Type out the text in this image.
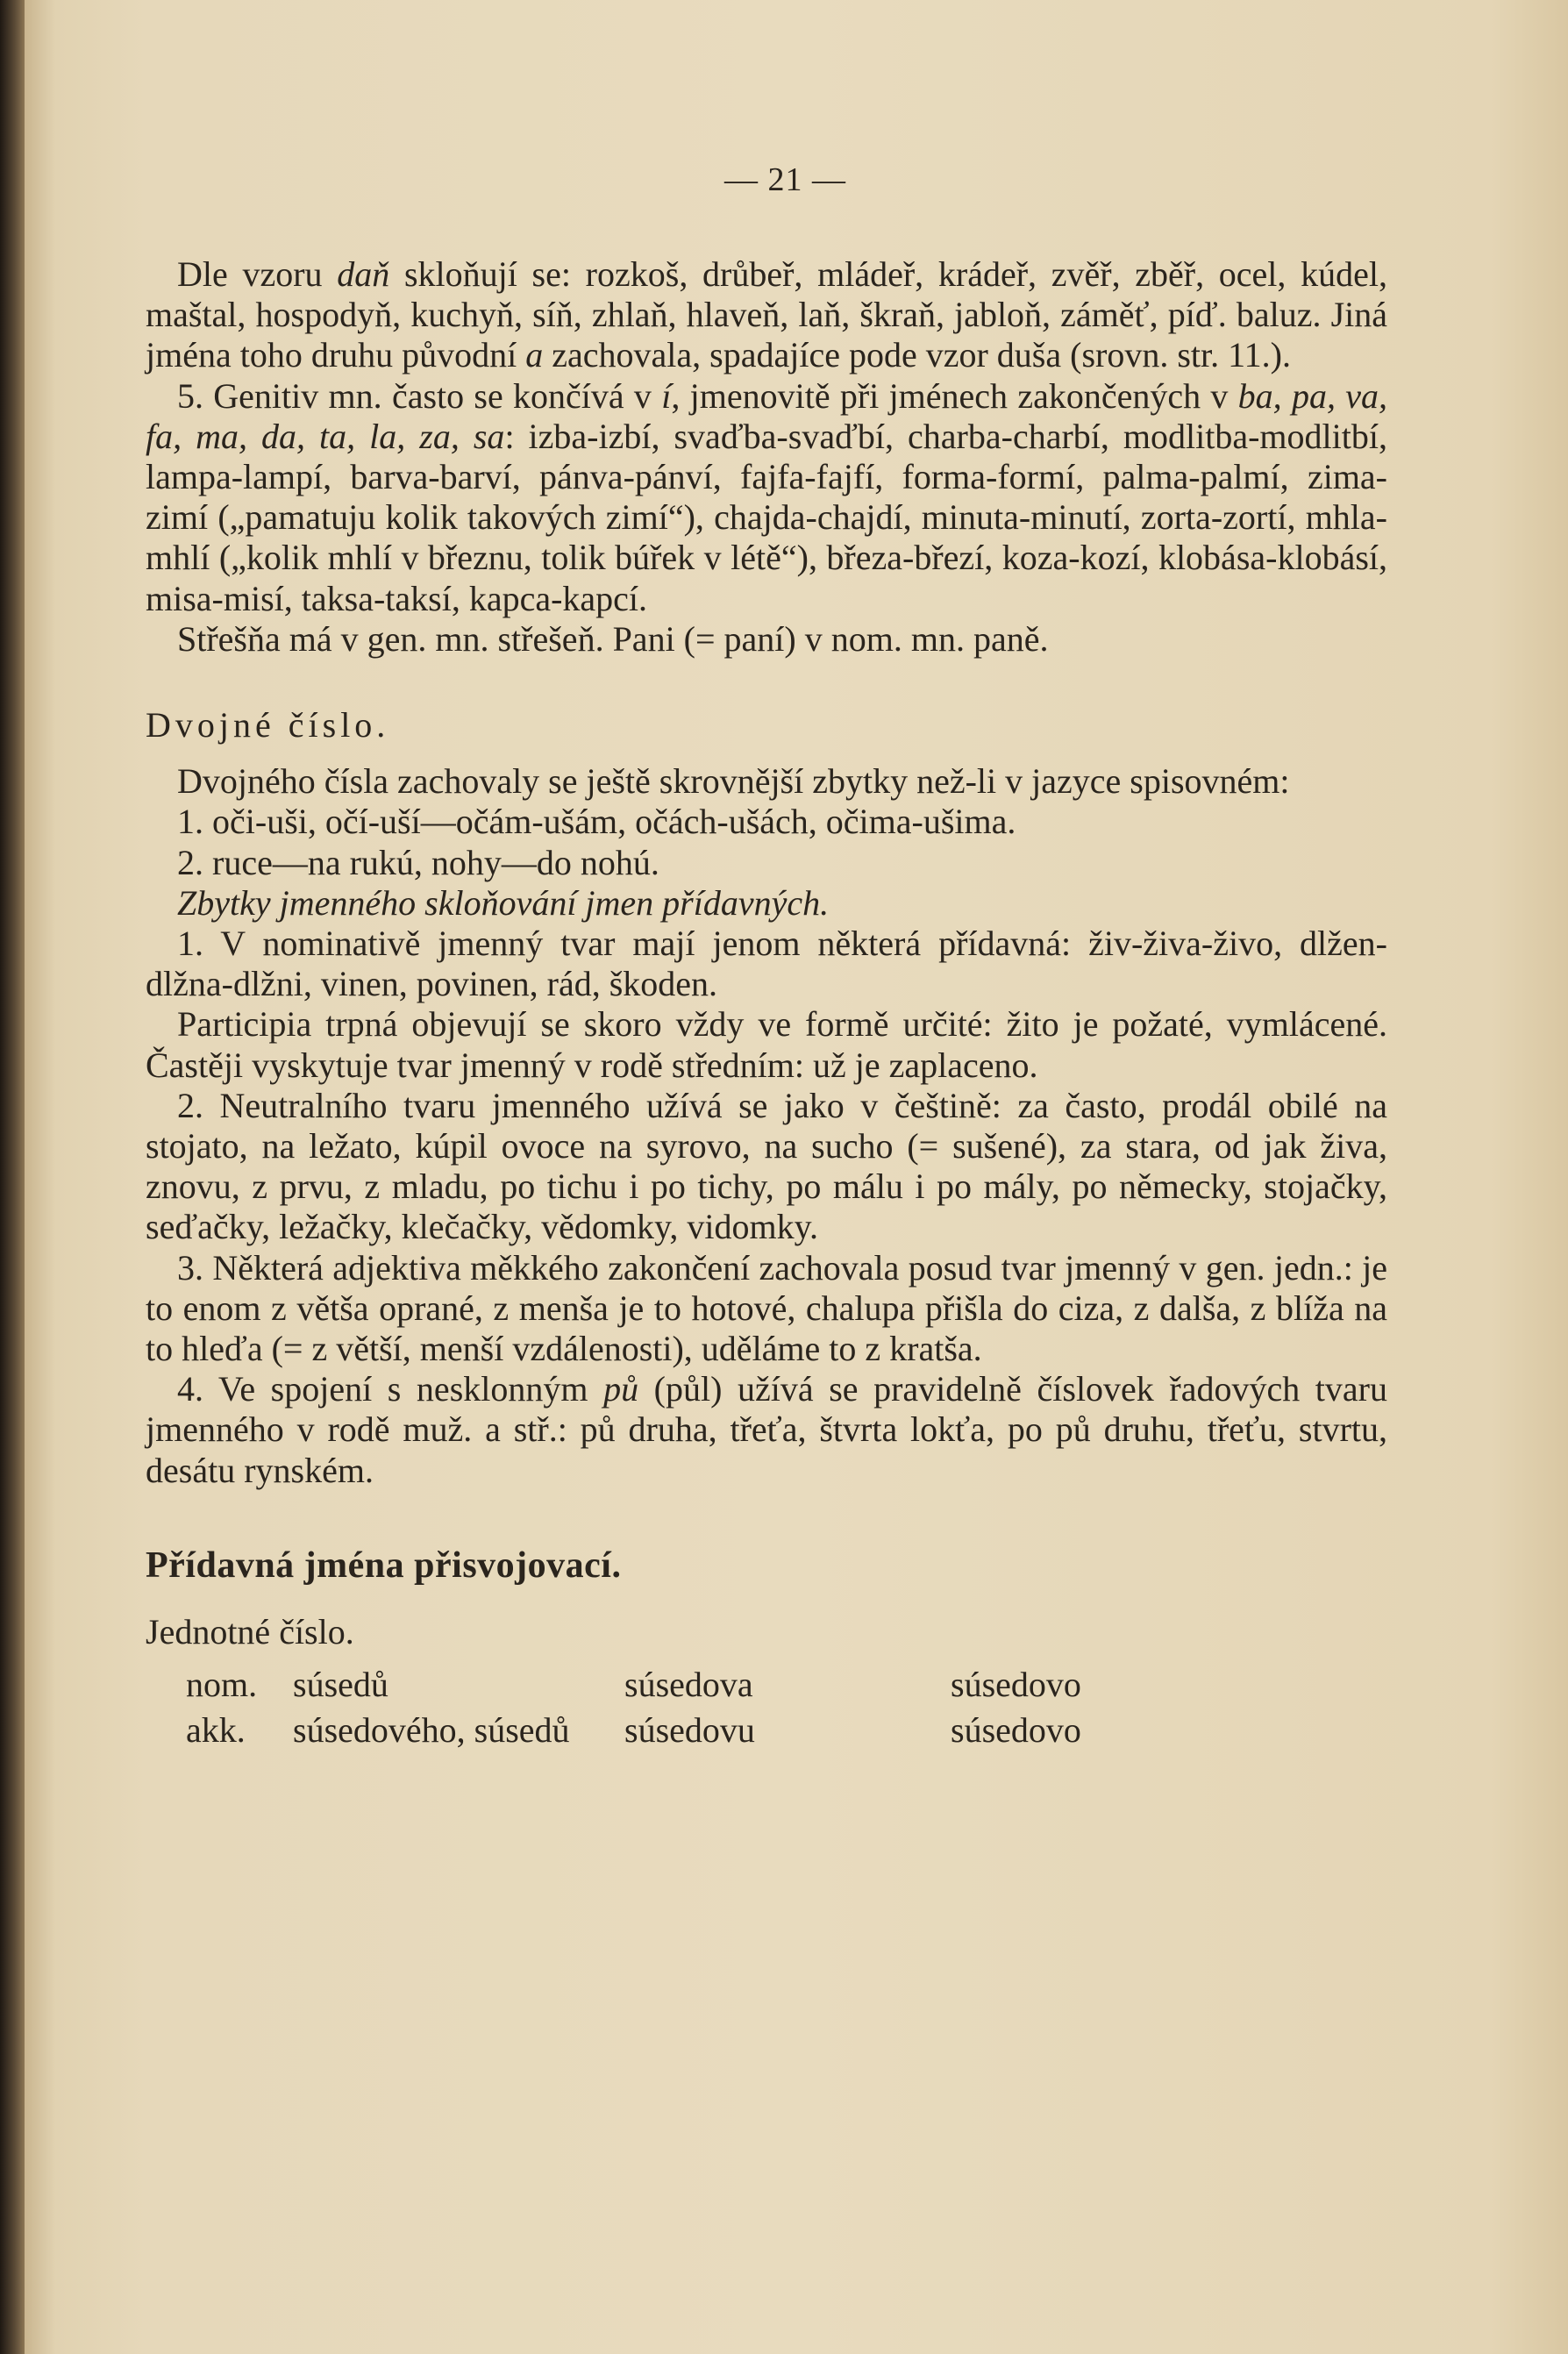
— 21 —

Dle vzoru daň skloňují se: rozkoš, drůbeř, mládeř, krádeř, zvěř, zběř, ocel, kúdel, maštal, hospodyň, kuchyň, síň, zhlaň, hlaveň, laň, škraň, jabloň, záměť, píď. baluz. Jiná jména toho druhu původní a zachovala, spadajíce pode vzor duša (srovn. str. 11.).

5. Genitiv mn. často se končívá v í, jmenovitě při jménech zakončených v ba, pa, va, fa, ma, da, ta, la, za, sa: izba-izbí, svaďba-svaďbí, charba-charbí, modlitba-modlitbí, lampa-lampí, barva-barví, pánva-pánví, fajfa-fajfí, forma-formí, palma-palmí, zima-zimí („pamatuju kolik takových zimí“), chajda-chajdí, minuta-minutí, zorta-zortí, mhla-mhlí („kolik mhlí v březnu, tolik búřek v létě“), březa-březí, koza-kozí, klobása-klobásí, misa-misí, taksa-taksí, kapca-kapcí.

Střešňa má v gen. mn. střešeň. Pani (= paní) v nom. mn. paně.

Dvojné číslo.

Dvojného čísla zachovaly se ještě skrovnější zbytky než-li v jazyce spisovném:

1. oči-uši, očí-uší—očám-ušám, očách-ušách, očima-ušima.

2. ruce—na rukú, nohy—do nohú.

Zbytky jmenného skloňování jmen přídavných.

1. V nominativě jmenný tvar mají jenom některá přídavná: živ-živa-živo, dlžen-dlžna-dlžni, vinen, povinen, rád, škoden.

Participia trpná objevují se skoro vždy ve formě určité: žito je požaté, vymlácené. Častěji vyskytuje tvar jmenný v rodě středním: už je zaplaceno.

2. Neutralního tvaru jmenného užívá se jako v češtině: za často, prodál obilé na stojato, na ležato, kúpil ovoce na syrovo, na sucho (= sušené), za stara, od jak živa, znovu, z prvu, z mladu, po tichu i po tichy, po málu i po mály, po německy, stojačky, seďačky, ležačky, klečačky, vědomky, vidomky.

3. Některá adjektiva měkkého zakončení zachovala posud tvar jmenný v gen. jedn.: je to enom z větša oprané, z menša je to hotové, chalupa přišla do ciza, z dalša, z blíža na to hleďa (= z větší, menší vzdálenosti), uděláme to z kratša.

4. Ve spojení s nesklonným pů (půl) užívá se pravidelně číslovek řadových tvaru jmenného v rodě muž. a stř.: pů druha, třeťa, štvrta lokťa, po pů druhu, třeťu, stvrtu, desátu rynském.

Přídavná jména přisvojovací.

Jednotné číslo.

nom.	súsedů	súsedova	súsedovo
akk.	súsedového, súsedů	súsedovu	súsedovo
